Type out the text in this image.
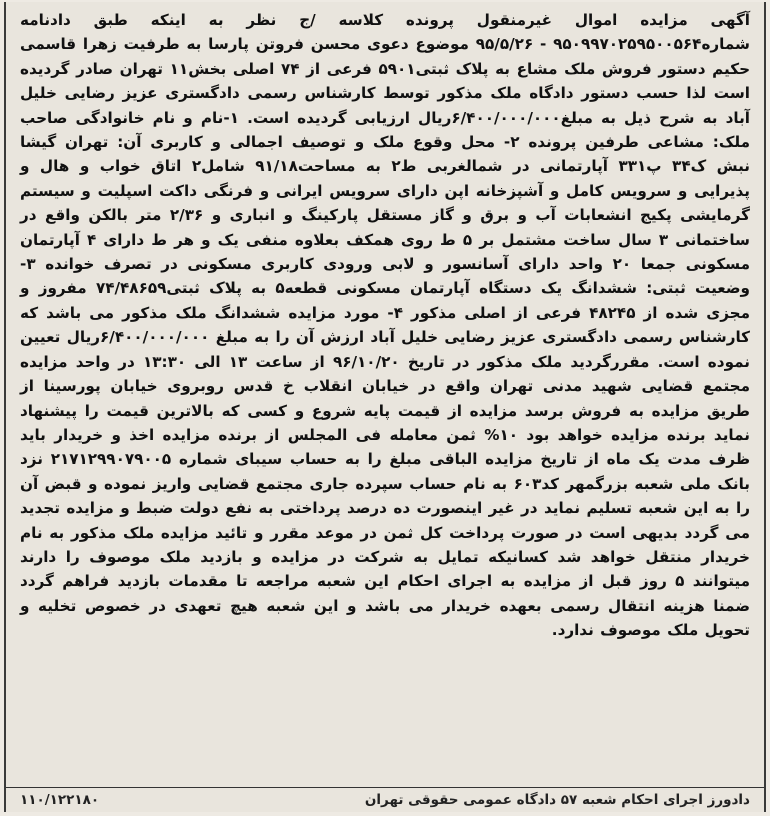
آگهی مزایده اموال غیرمنقول پرونده کلاسه /ج نظر به اینکه طبق دادنامه شماره۹۵۰۹۹۷۰۲۵۹۵۰۰۵۶۴ - ۹۵/۵/۲۶ موضوع دعوی محسن فروتن پارسا به طرفیت زهرا قاسمی حکیم دستور فروش ملک مشاع به پلاک ثبتی۵۹۰۱ فرعی از ۷۴ اصلی بخش۱۱ تهران صادر گردیده است لذا حسب دستور دادگاه ملک مذکور توسط کارشناس رسمی دادگستری عزیز رضایی خلیل آباد به شرح ذیل به مبلغ۶/۴۰۰/۰۰۰/۰۰۰ریال ارزیابی گردیده است. ۱-نام و نام خانوادگی صاحب ملک: مشاعی طرفین پرونده ۲- محل وقوع ملک و توصیف اجمالی و کاربری آن: تهران گیشا نبش ک۳۴ پ۳۳۱ آپارتمانی در شمالغربی ط۲ به مساحت۹۱/۱۸ شامل۲ اتاق خواب و هال و پذیرایی و سرویس کامل و آشپزخانه اپن دارای سرویس ایرانی و فرنگی داکت اسپلیت و سیستم گرمایشی پکیج انشعابات آب و برق و گاز مستقل پارکینگ و انباری و ۲/۳۶ متر بالکن واقع در ساختمانی ۳ سال ساخت مشتمل بر ۵ ط روی همکف بعلاوه منفی یک و هر ط دارای ۴ آپارتمان مسکونی جمعا ۲۰ واحد دارای آسانسور و لابی ورودی کاربری مسکونی در تصرف خوانده ۳-وضعیت ثبتی: ششدانگ یک دستگاه آپارتمان مسکونی قطعه۵ به پلاک ثبتی۷۴/۴۸۶۵۹ مفروز و مجزی شده از ۴۸۲۴۵ فرعی از اصلی مذکور ۴- مورد مزایده ششدانگ ملک مذکور می باشد که کارشناس رسمی دادگستری عزیز رضایی خلیل آباد ارزش آن را به مبلغ ۶/۴۰۰/۰۰۰/۰۰۰ریال تعیین نموده است. مقررگردید ملک مذکور در تاریخ ۹۶/۱۰/۲۰ از ساعت ۱۳ الی ۱۳:۳۰ در واحد مزایده مجتمع قضایی شهید مدنی تهران واقع در خیابان انقلاب خ قدس روبروی خیابان پورسینا از طریق مزایده به فروش برسد مزایده از قیمت پایه شروع و کسی که بالاترین قیمت را پیشنهاد نماید برنده مزایده خواهد بود ۱۰% ثمن معامله فی المجلس از برنده مزایده اخذ و خریدار باید ظرف مدت یک ماه از تاریخ مزایده الباقی مبلغ را به حساب سیبای شماره ۲۱۷۱۲۹۹۰۷۹۰۰۵ نزد بانک ملی شعبه بزرگمهر کد۶۰۳ به نام حساب سپرده جاری مجتمع قضایی واریز نموده و قبض آن را به این شعبه تسلیم نماید در غیر اینصورت ده درصد پرداختی به نفع دولت ضبط و مزایده تجدید می گردد بدیهی است در صورت پرداخت کل ثمن در موعد مقرر و تائید مزایده ملک مذکور به نام خریدار منتقل خواهد شد کسانیکه تمایل به شرکت در مزایده و بازدید ملک موصوف را دارند میتوانند ۵ روز قبل از مزایده به اجرای احکام این شعبه مراجعه تا مقدمات بازدید فراهم گردد ضمنا هزینه انتقال رسمی بعهده خریدار می باشد و این شعبه هیچ تعهدی در خصوص تخلیه و تحویل ملک موصوف ندارد.
دادورز اجرای احکام شعبه ۵۷ دادگاه عمومی حقوقی تهران
۱۱۰/۱۲۲۱۸۰
